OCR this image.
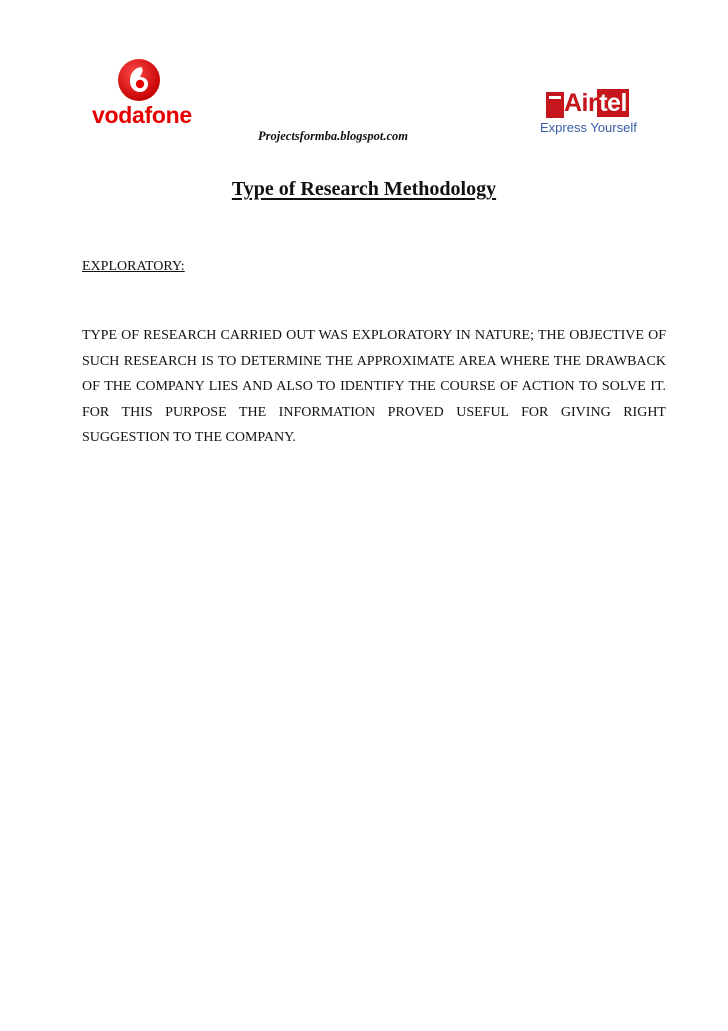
vodafone	Airtel
Express Yourself
Projectsformba.blogspot.com
Type of Research Methodology
EXPLORATORY:

TYPE OF RESEARCH CARRIED OUT WAS EXPLORATORY IN NATURE; THE OBJECTIVE OF SUCH RESEARCH IS TO DETERMINE THE APPROXIMATE AREA WHERE THE DRAWBACK OF THE COMPANY LIES AND ALSO TO IDENTIFY THE COURSE OF ACTION TO SOLVE IT. FOR THIS PURPOSE THE INFORMATION PROVED USEFUL FOR GIVING RIGHT SUGGESTION TO THE COMPANY.
